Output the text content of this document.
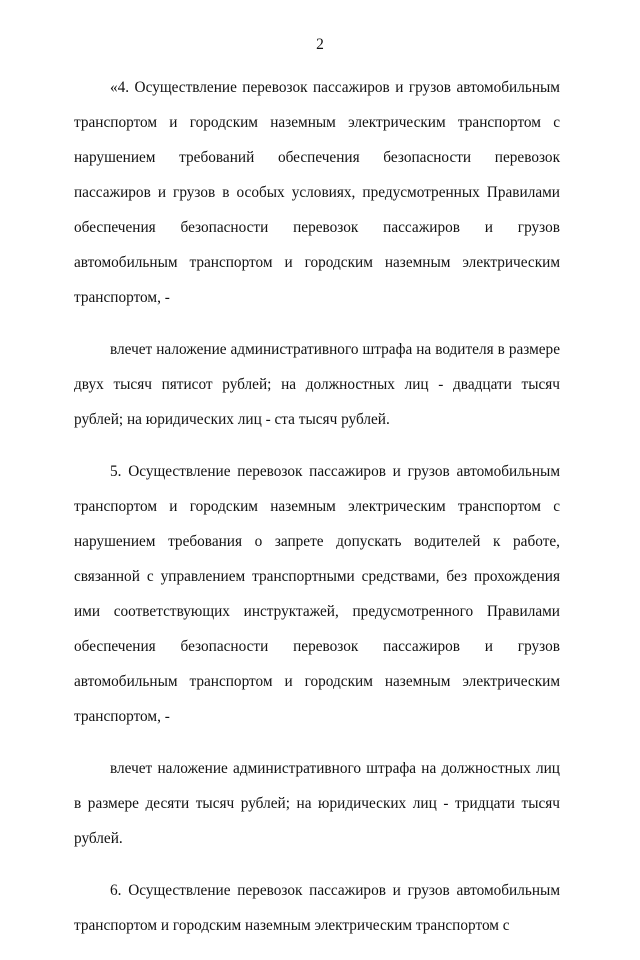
2

«4. Осуществление перевозок пассажиров и грузов автомобильным транспортом и городским наземным электрическим транспортом с нарушением требований обеспечения безопасности перевозок пассажиров и грузов в особых условиях, предусмотренных Правилами обеспечения безопасности перевозок пассажиров и грузов автомобильным транспортом и городским наземным электрическим транспортом, -

влечет наложение административного штрафа на водителя в размере двух тысяч пятисот рублей; на должностных лиц - двадцати тысяч рублей; на юридических лиц - ста тысяч рублей.

5. Осуществление перевозок пассажиров и грузов автомобильным транспортом и городским наземным электрическим транспортом с нарушением требования о запрете допускать водителей к работе, связанной с управлением транспортными средствами, без прохождения ими соответствующих инструктажей, предусмотренного Правилами обеспечения безопасности перевозок пассажиров и грузов автомобильным транспортом и городским наземным электрическим транспортом, -

влечет наложение административного штрафа на должностных лиц в размере десяти тысяч рублей; на юридических лиц - тридцати тысяч рублей.

6. Осуществление перевозок пассажиров и грузов автомобильным транспортом и городским наземным электрическим транспортом с
